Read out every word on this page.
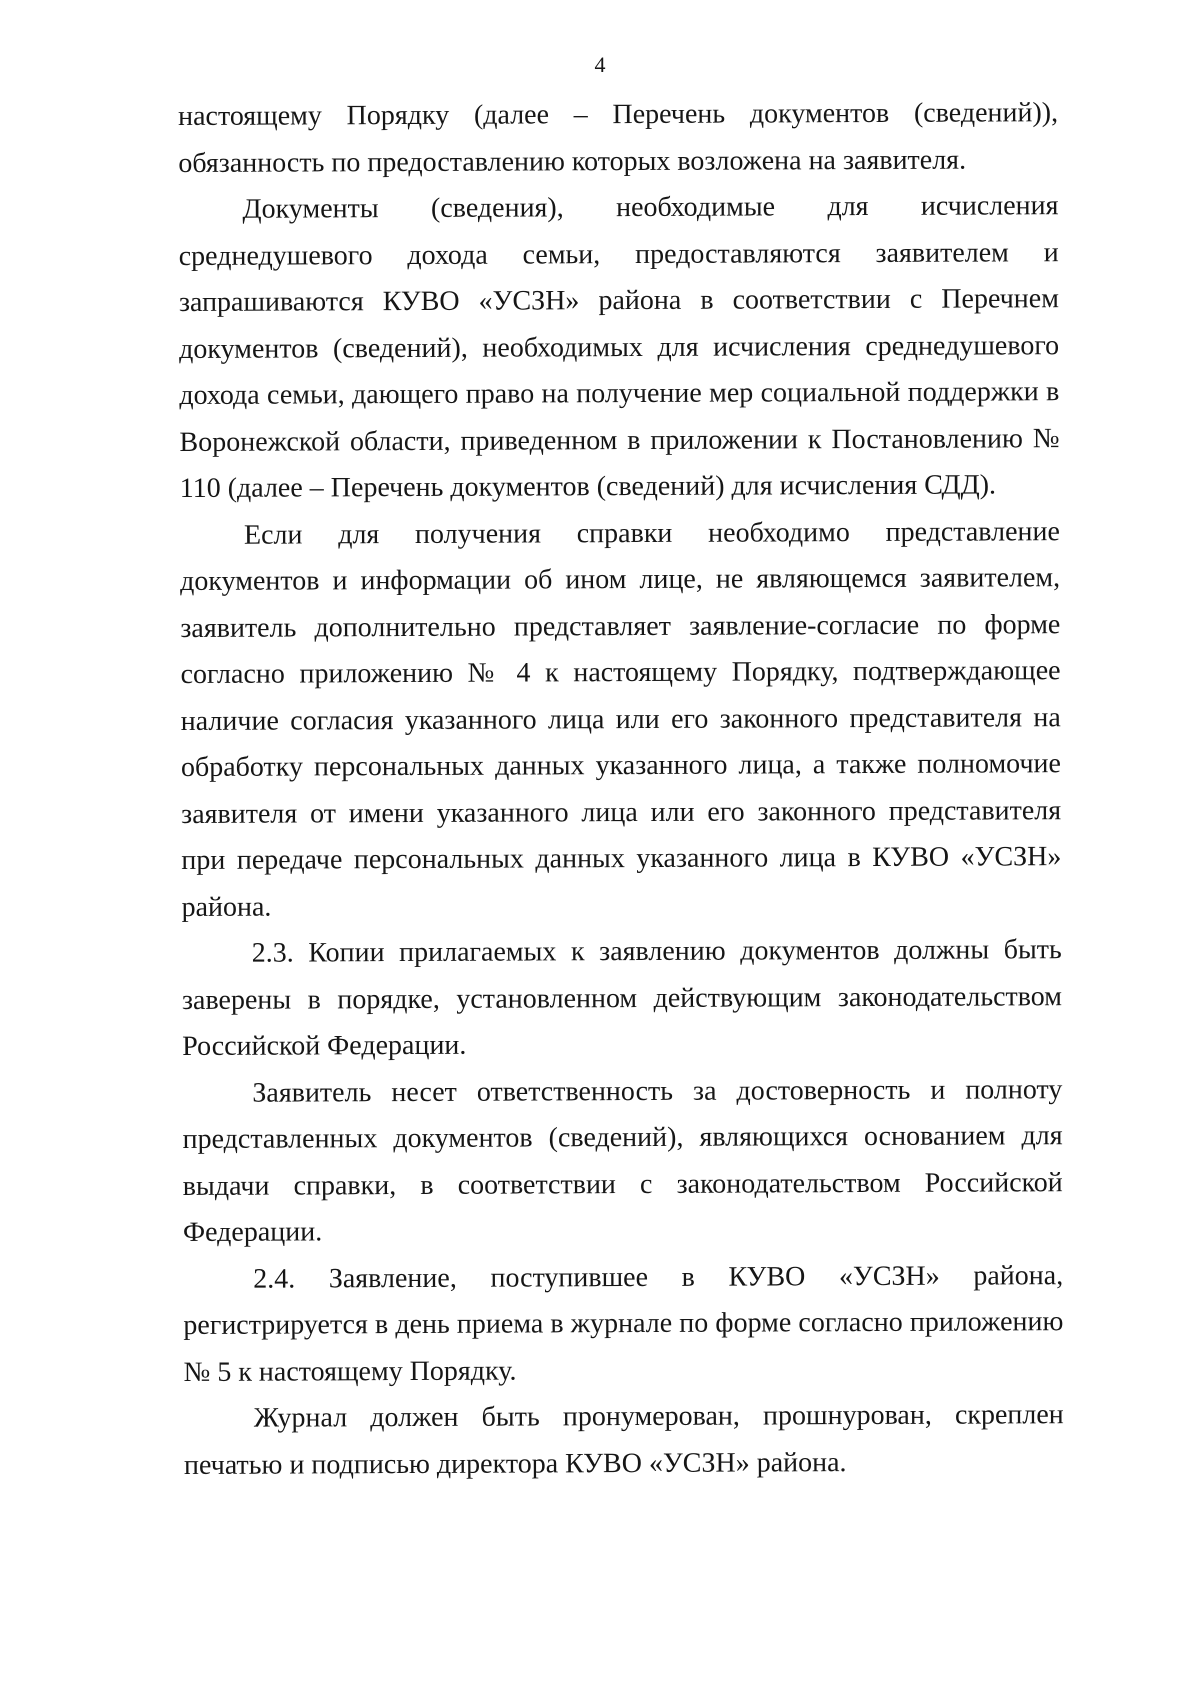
4

настоящему Порядку (далее – Перечень документов (сведений)), обязанность по предоставлению которых возложена на заявителя.

Документы (сведения), необходимые для исчисления среднедушевого дохода семьи, предоставляются заявителем и запрашиваются КУВО «УСЗН» района в соответствии с Перечнем документов (сведений), необходимых для исчисления среднедушевого дохода семьи, дающего право на получение мер социальной поддержки в Воронежской области, приведенном в приложении к Постановлению № 110 (далее – Перечень документов (сведений) для исчисления СДД).

Если для получения справки необходимо представление документов и информации об ином лице, не являющемся заявителем, заявитель дополнительно представляет заявление-согласие по форме согласно приложению № 4 к настоящему Порядку, подтверждающее наличие согласия указанного лица или его законного представителя на обработку персональных данных указанного лица, а также полномочие заявителя от имени указанного лица или его законного представителя при передаче персональных данных указанного лица в КУВО «УСЗН» района.

2.3. Копии прилагаемых к заявлению документов должны быть заверены в порядке, установленном действующим законодательством Российской Федерации.

Заявитель несет ответственность за достоверность и полноту представленных документов (сведений), являющихся основанием для выдачи справки, в соответствии с законодательством Российской Федерации.

2.4. Заявление, поступившее в КУВО «УСЗН» района, регистрируется в день приема в журнале по форме согласно приложению № 5 к настоящему Порядку.

Журнал должен быть пронумерован, прошнурован, скреплен печатью и подписью директора КУВО «УСЗН» района.
